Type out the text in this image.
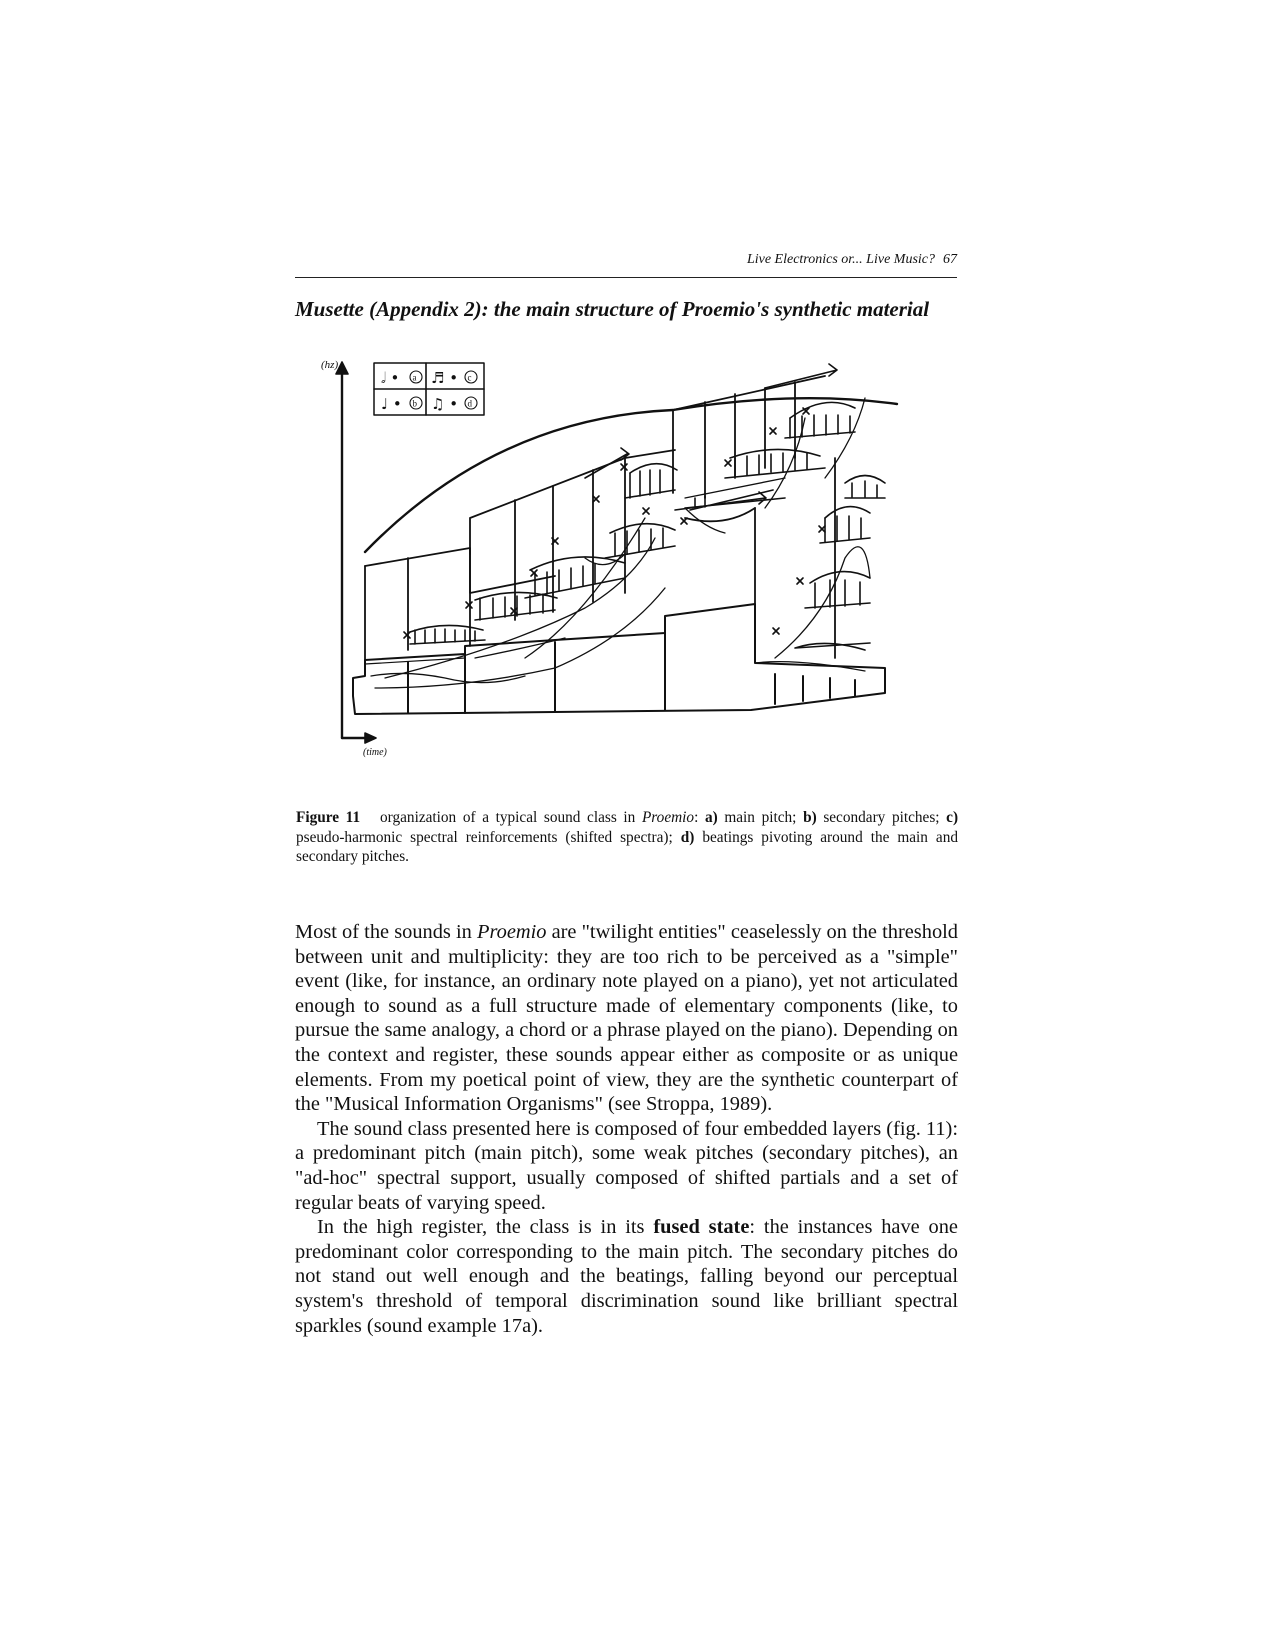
Live Electronics or... Live Music? 67
Musette (Appendix 2): the main structure of Proemio's synthetic material
(hz)
(time)
𝅗𝅥 • a ♬ • c
♩ • b ♫ • d
Figure 11 organization of a typical sound class in Proemio: a) main pitch; b) secondary pitches; c) pseudo-harmonic spectral reinforcements (shifted spectra); d) beatings pivoting around the main and secondary pitches.

Most of the sounds in Proemio are "twilight entities" ceaselessly on the threshold between unit and multiplicity: they are too rich to be perceived as a "simple" event (like, for instance, an ordinary note played on a piano), yet not articulated enough to sound as a full structure made of elementary components (like, to pursue the same analogy, a chord or a phrase played on the piano). Depending on the context and register, these sounds appear either as composite or as unique elements. From my poetical point of view, they are the synthetic counterpart of the "Musical Information Organisms" (see Stroppa, 1989).

The sound class presented here is composed of four embedded layers (fig. 11): a predominant pitch (main pitch), some weak pitches (secondary pitches), an "ad-hoc" spectral support, usually composed of shifted partials and a set of regular beats of varying speed.

In the high register, the class is in its fused state: the instances have one predominant color corresponding to the main pitch. The secondary pitches do not stand out well enough and the beatings, falling beyond our perceptual system's threshold of temporal discrimination sound like brilliant spectral sparkles (sound example 17a).
